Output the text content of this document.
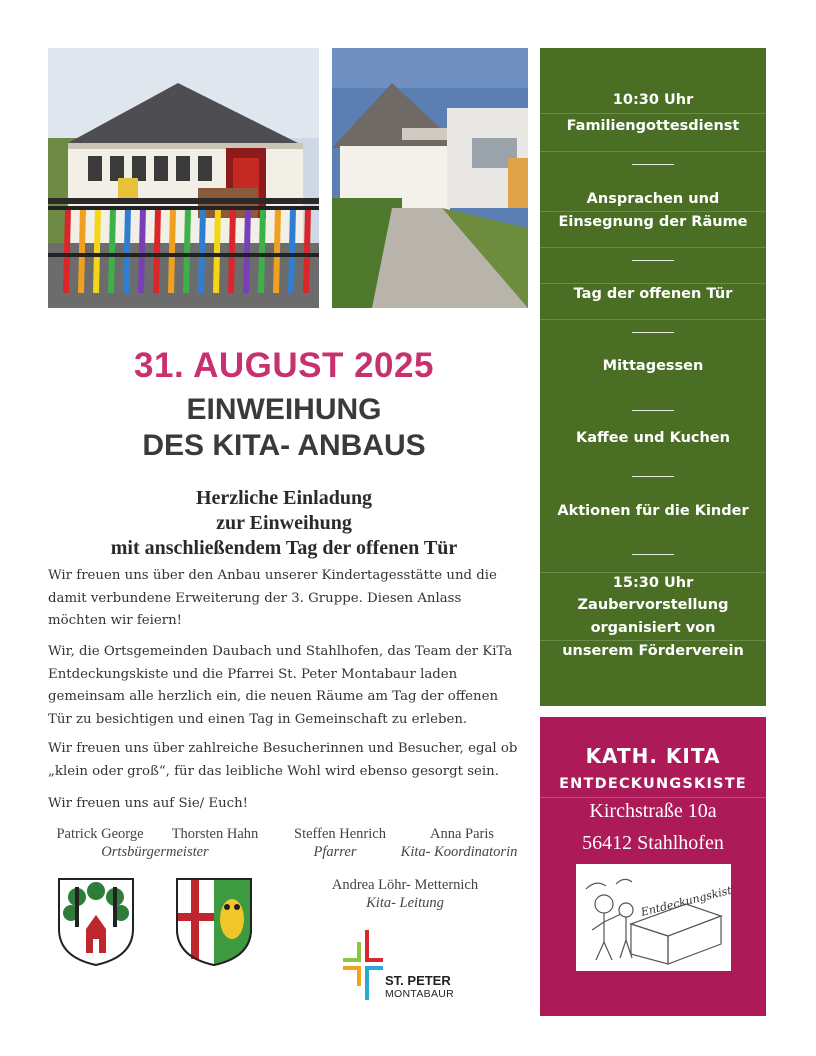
31. AUGUST 2025
EINWEIHUNG
DES KITA- ANBAUS
Herzliche Einladung
zur Einweihung
mit anschließendem Tag der offenen Tür
Wir freuen uns über den Anbau unserer Kindertagesstätte und die damit verbundene Erweiterung der 3. Gruppe. Diesen Anlass möchten wir feiern!
Wir, die Ortsgemeinden Daubach und Stahlhofen, das Team der KiTa Entdeckungskiste und die Pfarrei St. Peter Montabaur laden gemeinsam alle herzlich ein, die neuen Räume am Tag der offenen Tür zu besichtigen und einen Tag in Gemeinschaft zu erleben.
Wir freuen uns über zahlreiche Besucherinnen und Besucher, egal ob „klein oder groß“, für das leibliche Wohl wird ebenso gesorgt sein.
Wir freuen uns auf Sie/ Euch!
Patrick George	Thorsten Hahn
Ortsbürgermeister
Steffen Henrich
Pfarrer
Anna Paris
Kita- Koordinatorin
Andrea Löhr- Metternich
Kita- Leitung
ST. PETER
MONTABAUR
10:30 Uhr
Familiengottesdienst
Ansprachen und
Einsegnung der Räume
Tag der offenen Tür
Mittagessen
Kaffee und Kuchen
Aktionen für die Kinder
15:30 Uhr
Zaubervorstellung
organisiert von
unserem Förderverein
KATH. KITA
ENTDECKUNGSKISTE
Kirchstraße 10a
56412 Stahlhofen
Entdeckungskiste
